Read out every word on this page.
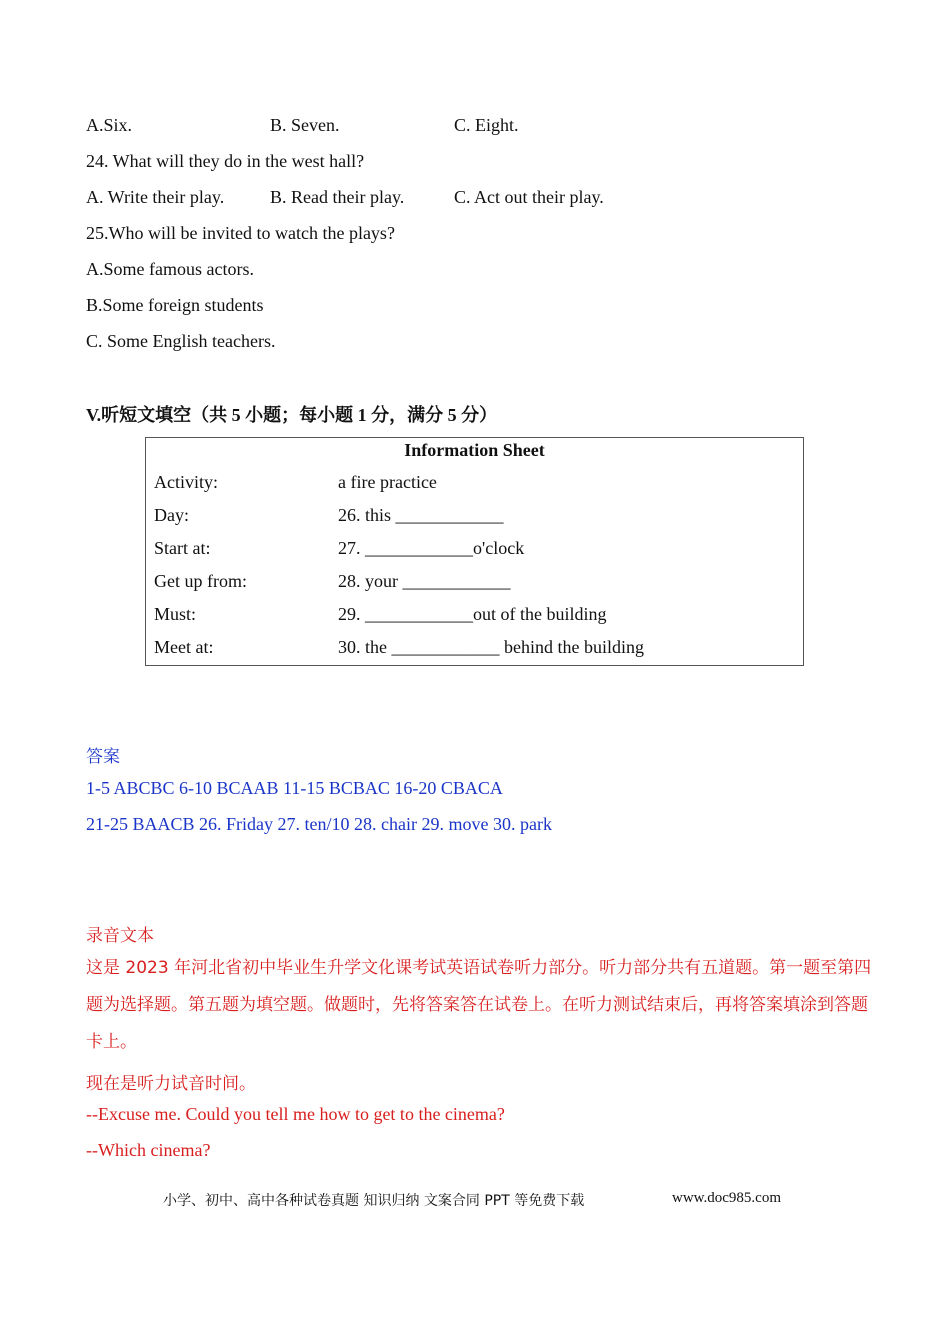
A.Six.	B. Seven.	C. Eight.
24. What will they do in the west hall?
A. Write their play.	B. Read their play.	C. Act out their play.
25.Who will be invited to watch the plays?
A.Some famous actors.
B.Some foreign students
C. Some English teachers.
V.听短文填空（共 5 小题；每小题 1 分，满分 5 分）
Information Sheet
Activity:	a fire practice
Day:	26. this ____________
Start at:	27. ____________o'clock
Get up from:	28. your ____________
Must:	29. ____________out of the building
Meet at:	30. the ____________ behind the building
答案
1-5 ABCBC 6-10 BCAAB 11-15 BCBAC 16-20 CBACA
21-25 BAACB 26. Friday 27. ten/10 28. chair 29. move 30. park
录音文本
这是 2023 年河北省初中毕业生升学文化课考试英语试卷听力部分。听力部分共有五道题。第一题至第四题为选择题。第五题为填空题。做题时，先将答案答在试卷上。在听力测试结束后，再将答案填涂到答题卡上。
现在是听力试音时间。
--Excuse me. Could you tell me how to get to the cinema?
--Which cinema?
小学、初中、高中各种试卷真题 知识归纳 文案合同 PPT 等免费下载	www.doc985.com
